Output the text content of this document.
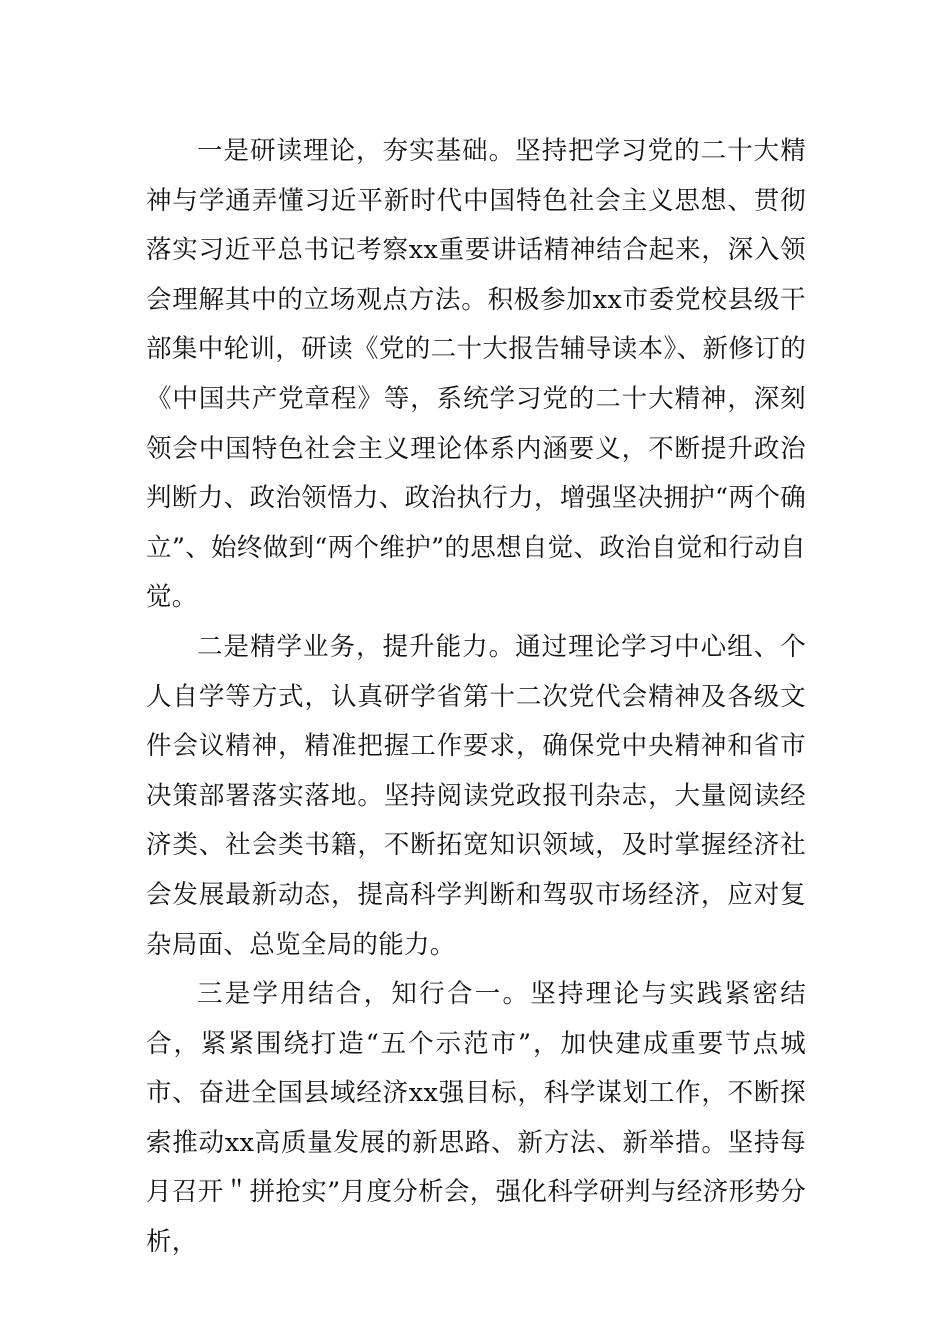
一是研读理论，夯实基础。坚持把学习党的二十大精神与学通弄懂习近平新时代中国特色社会主义思想、贯彻落实习近平总书记考察xx重要讲话精神结合起来，深入领会理解其中的立场观点方法。积极参加xx市委党校县级干部集中轮训，研读《党的二十大报告辅导读本》、新修订的《中国共产党章程》等，系统学习党的二十大精神，深刻领会中国特色社会主义理论体系内涵要义，不断提升政治判断力、政治领悟力、政治执行力，增强坚决拥护“两个确立”、始终做到“两个维护”的思想自觉、政治自觉和行动自觉。

二是精学业务，提升能力。通过理论学习中心组、个人自学等方式，认真研学省第十二次党代会精神及各级文件会议精神，精准把握工作要求，确保党中央精神和省市决策部署落实落地。坚持阅读党政报刊杂志，大量阅读经济类、社会类书籍，不断拓宽知识领域，及时掌握经济社会发展最新动态，提高科学判断和驾驭市场经济，应对复杂局面、总览全局的能力。

三是学用结合，知行合一。坚持理论与实践紧密结合，紧紧围绕打造“五个示范市”，加快建成重要节点城市、奋进全国县域经济xx强目标，科学谋划工作，不断探索推动xx高质量发展的新思路、新方法、新举措。坚持每月召开＂拼抢实”月度分析会，强化科学研判与经济形势分析，
